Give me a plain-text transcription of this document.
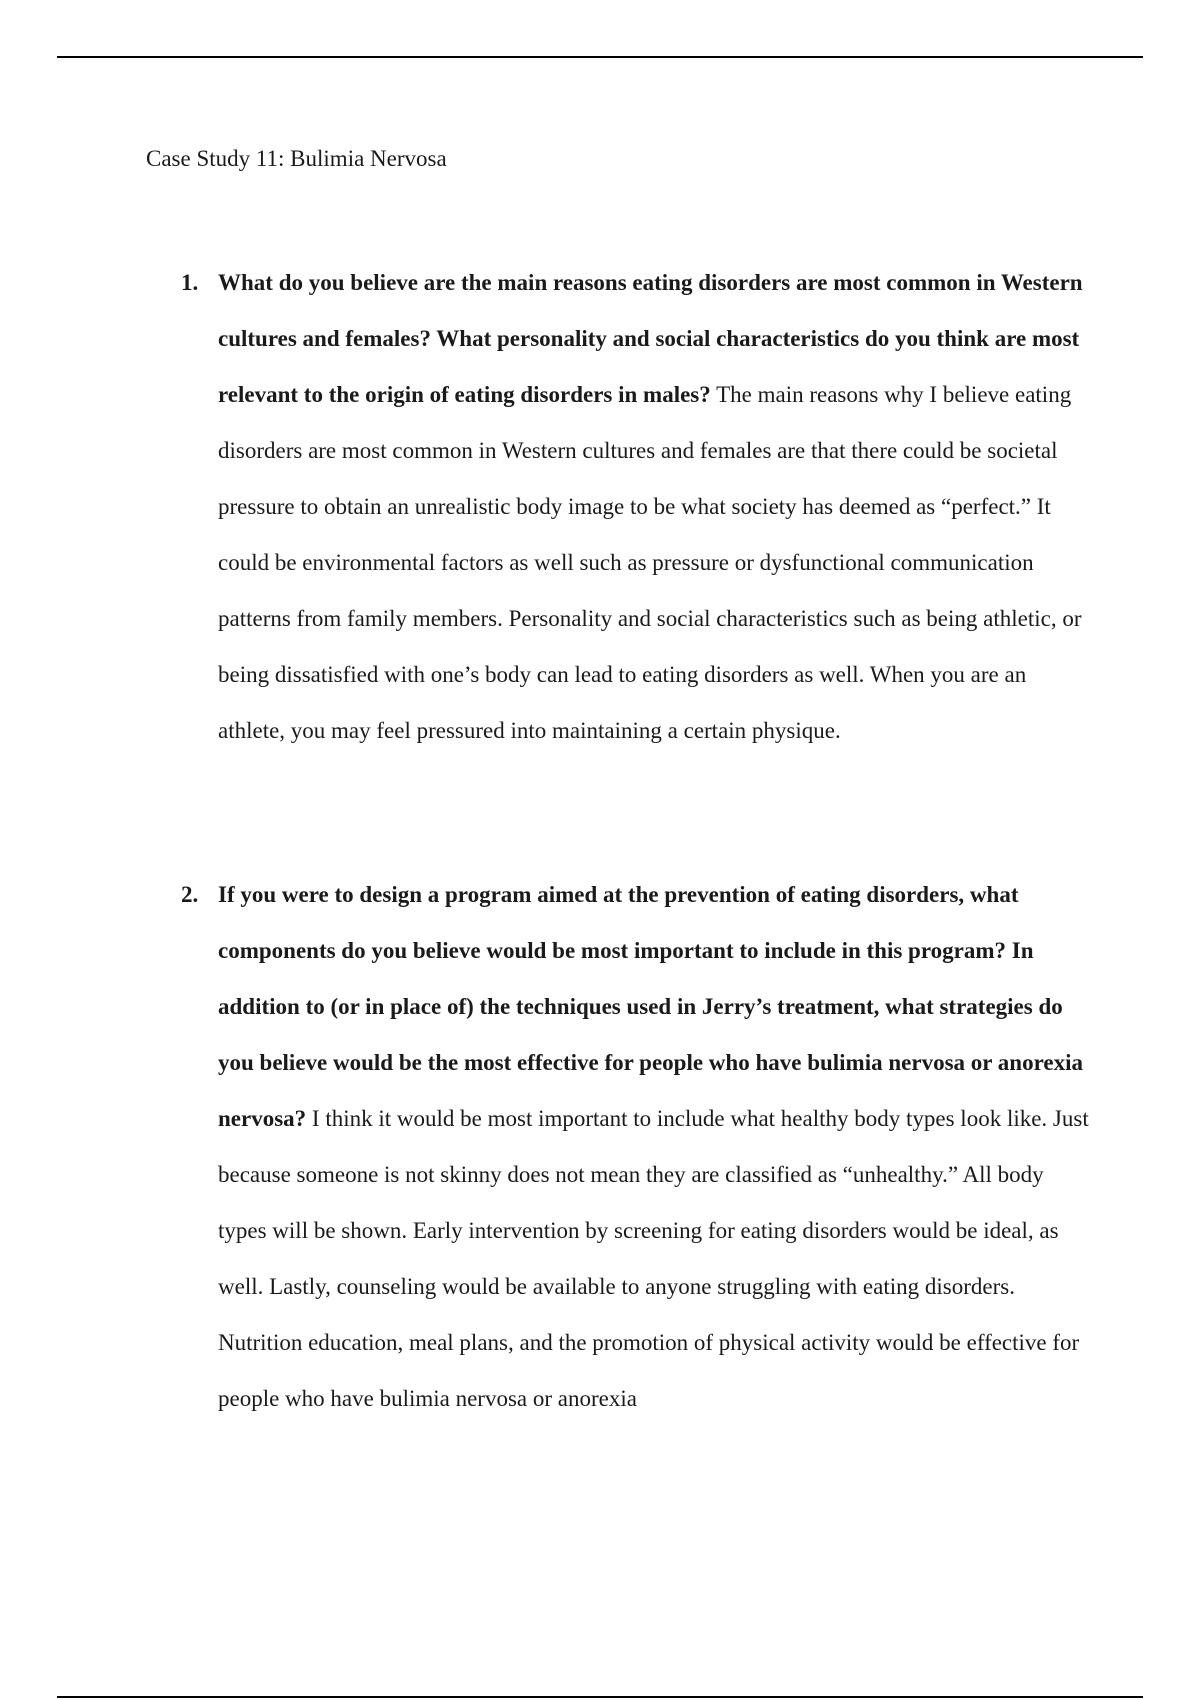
Case Study 11: Bulimia Nervosa
1. What do you believe are the main reasons eating disorders are most common in Western cultures and females? What personality and social characteristics do you think are most relevant to the origin of eating disorders in males? The main reasons why I believe eating disorders are most common in Western cultures and females are that there could be societal pressure to obtain an unrealistic body image to be what society has deemed as “perfect.” It could be environmental factors as well such as pressure or dysfunctional communication patterns from family members. Personality and social characteristics such as being athletic, or being dissatisfied with one’s body can lead to eating disorders as well. When you are an athlete, you may feel pressured into maintaining a certain physique.

2. If you were to design a program aimed at the prevention of eating disorders, what components do you believe would be most important to include in this program? In addition to (or in place of) the techniques used in Jerry’s treatment, what strategies do you believe would be the most effective for people who have bulimia nervosa or anorexia nervosa? I think it would be most important to include what healthy body types look like. Just because someone is not skinny does not mean they are classified as “unhealthy.” All body types will be shown. Early intervention by screening for eating disorders would be ideal, as well. Lastly, counseling would be available to anyone struggling with eating disorders. Nutrition education, meal plans, and the promotion of physical activity would be effective for people who have bulimia nervosa or anorexia
